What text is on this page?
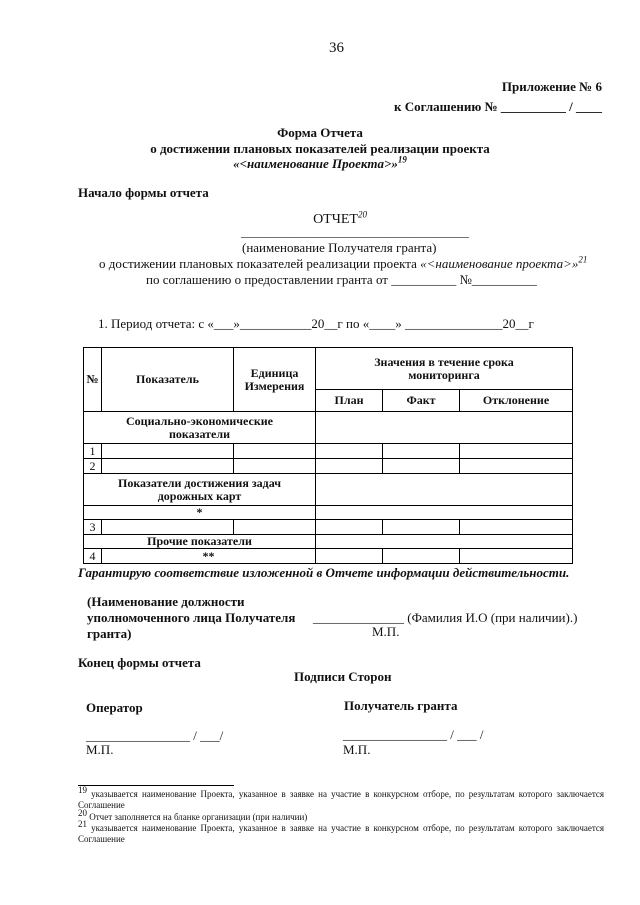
36
Приложение № 6
к Соглашению № __________ / ____
Форма Отчета
о достижении плановых показателей реализации проекта
«<наименование Проекта>»$^{19}$
Начало формы отчета
ОТЧЕТ$^{20}$
______________________________________
(наименование Получателя гранта)
о достижении плановых показателей реализации проекта «<наименование проекта>»$^{21}$
по соглашению о предоставлении гранта от __________ №__________
1. Период отчета: с «___»___________20__г по «____» _______________20__г
№	Показатель	Единица Измерения	Значения в течение срока мониторинга		
			План	Факт	Отклонение
Социально-экономические показатели					
1					
2					
Показатели достижения задач дорожных карт					
*					
3					
Прочие показатели					
4	**				
Гарантирую соответствие изложенной в Отчете информации действительности.
(Наименование должности
уполномоченного лица Получателя
гранта)
______________ (Фамилия И.О (при наличии).)
М.П.
Конец формы отчета
Подписи Сторон
Оператор	Получатель гранта
________________ / ___/	________________ / ___ /
М.П.	М.П.
$^{19}$ указывается наименование Проекта, указанное в заявке на участие в конкурсном отборе, по результатам которого заключается Соглашение
$^{20}$ Отчет заполняется на бланке организации (при наличии)
$^{21}$ указывается наименование Проекта, указанное в заявке на участие в конкурсном отборе, по результатам которого заключается Соглашение
